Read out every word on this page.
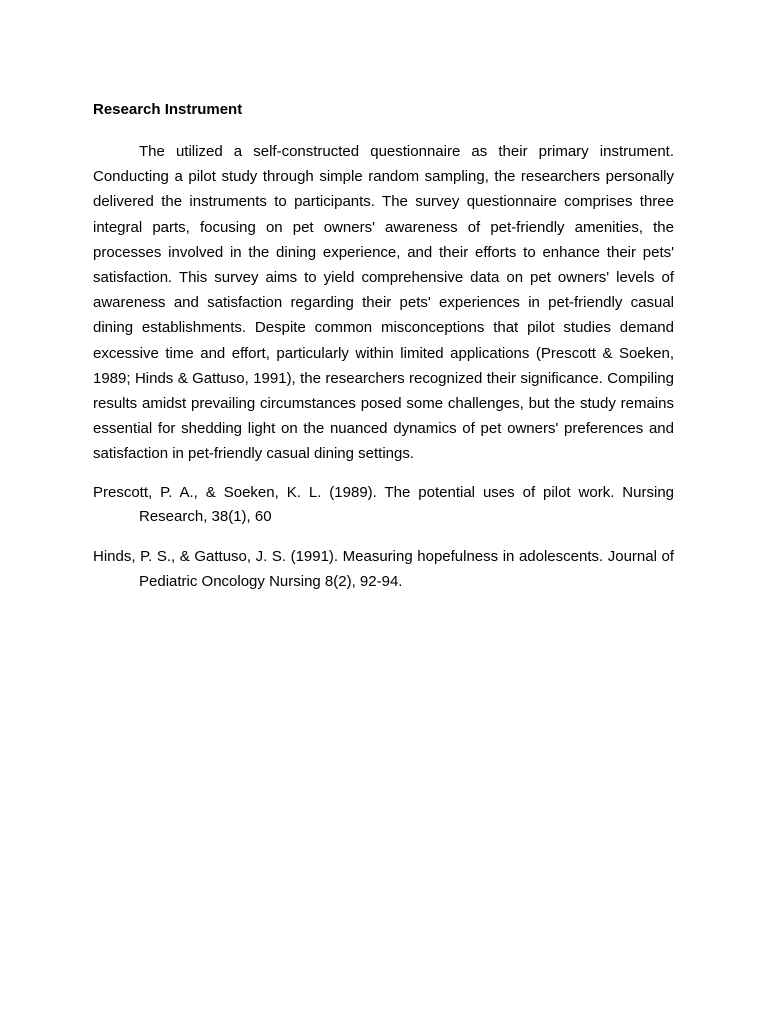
Research Instrument

The utilized a self-constructed questionnaire as their primary instrument. Conducting a pilot study through simple random sampling, the researchers personally delivered the instruments to participants. The survey questionnaire comprises three integral parts, focusing on pet owners' awareness of pet-friendly amenities, the processes involved in the dining experience, and their efforts to enhance their pets' satisfaction. This survey aims to yield comprehensive data on pet owners' levels of awareness and satisfaction regarding their pets' experiences in pet-friendly casual dining establishments. Despite common misconceptions that pilot studies demand excessive time and effort, particularly within limited applications (Prescott & Soeken, 1989; Hinds & Gattuso, 1991), the researchers recognized their significance. Compiling results amidst prevailing circumstances posed some challenges, but the study remains essential for shedding light on the nuanced dynamics of pet owners' preferences and satisfaction in pet-friendly casual dining settings.

Prescott, P. A., & Soeken, K. L. (1989). The potential uses of pilot work. Nursing Research, 38(1), 60

Hinds, P. S., & Gattuso, J. S. (1991). Measuring hopefulness in adolescents. Journal of Pediatric Oncology Nursing 8(2), 92-94.
